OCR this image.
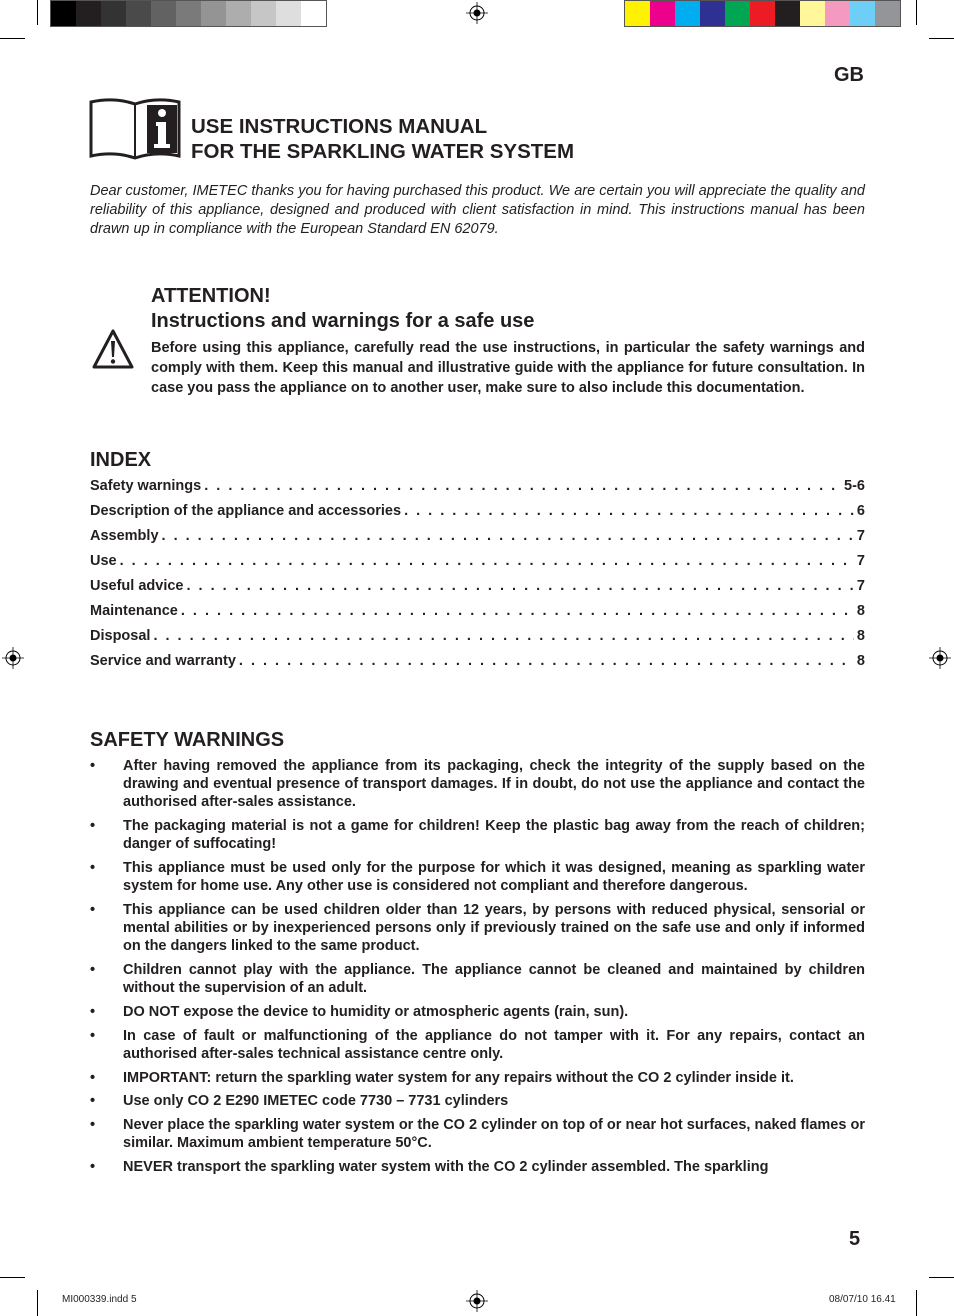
GB
USE INSTRUCTIONS MANUAL
FOR THE SPARKLING WATER SYSTEM
Dear customer, IMETEC thanks you for having purchased this product. We are certain you will appreciate the quality and reliability of this appliance, designed and produced with client satisfaction in mind. This instructions manual has been drawn up in compliance with the European Standard EN 62079.
ATTENTION!
Instructions and warnings for a safe use
Before using this appliance, carefully read the use instructions, in particular the safety warnings and comply with them. Keep this manual and illustrative guide with the appliance for future consultation. In case you pass the appliance on to another user, make sure to also include this documentation.
INDEX
Safety warnings . . .	5-6
Description of the appliance and accessories . . .	6
Assembly . . .	7
Use . . .	7
Useful advice . . .	7
Maintenance . . .	8
Disposal . . .	8
Service and warranty . . .	8
SAFETY WARNINGS
• After having removed the appliance from its packaging, check the integrity of the supply based on the drawing and eventual presence of transport damages. If in doubt, do not use the appliance and contact the authorised after-sales assistance.
• The packaging material is not a game for children! Keep the plastic bag away from the reach of children; danger of suffocating!
• This appliance must be used only for the purpose for which it was designed, meaning as sparkling water system for home use. Any other use is considered not compliant and therefore dangerous.
• This appliance can be used children older than 12 years, by persons with reduced physical, sensorial or mental abilities or by inexperienced persons only if previously trained on the safe use and only if informed on the dangers linked to the same product.
• Children cannot play with the appliance. The appliance cannot be cleaned and maintained by children without the supervision of an adult.
• DO NOT expose the device to humidity or atmospheric agents (rain, sun).
• In case of fault or malfunctioning of the appliance do not tamper with it. For any repairs, contact an authorised after-sales technical assistance centre only.
• IMPORTANT: return the sparkling water system for any repairs without the CO 2 cylinder inside it.
• Use only CO 2 E290 IMETEC code 7730 – 7731 cylinders
• Never place the sparkling water system or the CO 2 cylinder on top of or near hot surfaces, naked flames or similar. Maximum ambient temperature 50°C.
• NEVER transport the sparkling water system with the CO 2 cylinder assembled. The sparkling
5
MI000339.indd 5	08/07/10 16.41
